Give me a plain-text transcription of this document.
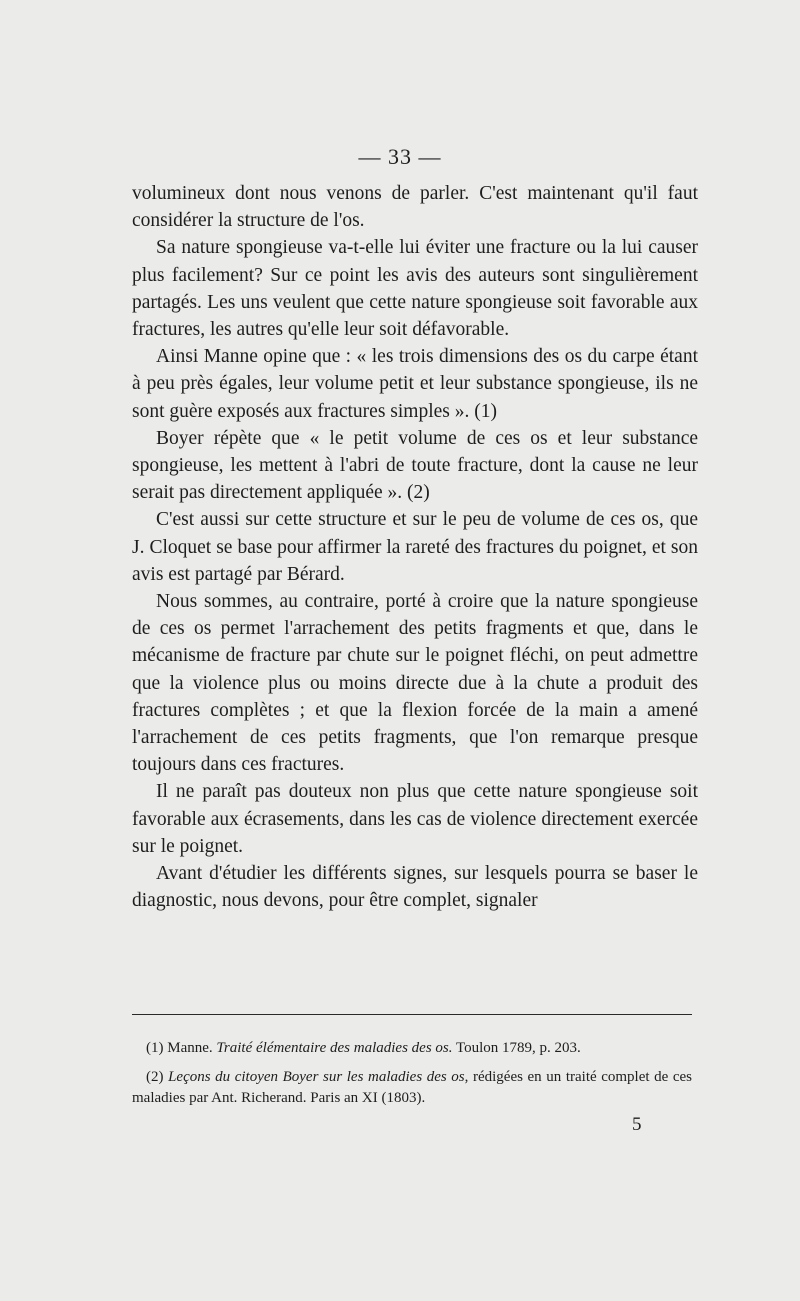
— 33 —

volumineux dont nous venons de parler. C'est maintenant qu'il faut considérer la structure de l'os.

Sa nature spongieuse va-t-elle lui éviter une fracture ou la lui causer plus facilement? Sur ce point les avis des auteurs sont singulièrement partagés. Les uns veulent que cette nature spongieuse soit favorable aux fractures, les autres qu'elle leur soit défavorable.

Ainsi Manne opine que : « les trois dimensions des os du carpe étant à peu près égales, leur volume petit et leur substance spongieuse, ils ne sont guère exposés aux fractures simples ». (1)

Boyer répète que « le petit volume de ces os et leur substance spongieuse, les mettent à l'abri de toute fracture, dont la cause ne leur serait pas directement appliquée ». (2)

C'est aussi sur cette structure et sur le peu de volume de ces os, que J. Cloquet se base pour affirmer la rareté des fractures du poignet, et son avis est partagé par Bérard.

Nous sommes, au contraire, porté à croire que la nature spongieuse de ces os permet l'arrachement des petits fragments et que, dans le mécanisme de fracture par chute sur le poignet fléchi, on peut admettre que la violence plus ou moins directe due à la chute a produit des fractures complètes ; et que la flexion forcée de la main a amené l'arrachement de ces petits fragments, que l'on remarque presque toujours dans ces fractures.

Il ne paraît pas douteux non plus que cette nature spongieuse soit favorable aux écrasements, dans les cas de violence directement exercée sur le poignet.

Avant d'étudier les différents signes, sur lesquels pourra se baser le diagnostic, nous devons, pour être complet, signaler

(1) Manne. Traité élémentaire des maladies des os. Toulon 1789, p. 203.

(2) Leçons du citoyen Boyer sur les maladies des os, rédigées en un traité complet de ces maladies par Ant. Richerand. Paris an XI (1803).

5
